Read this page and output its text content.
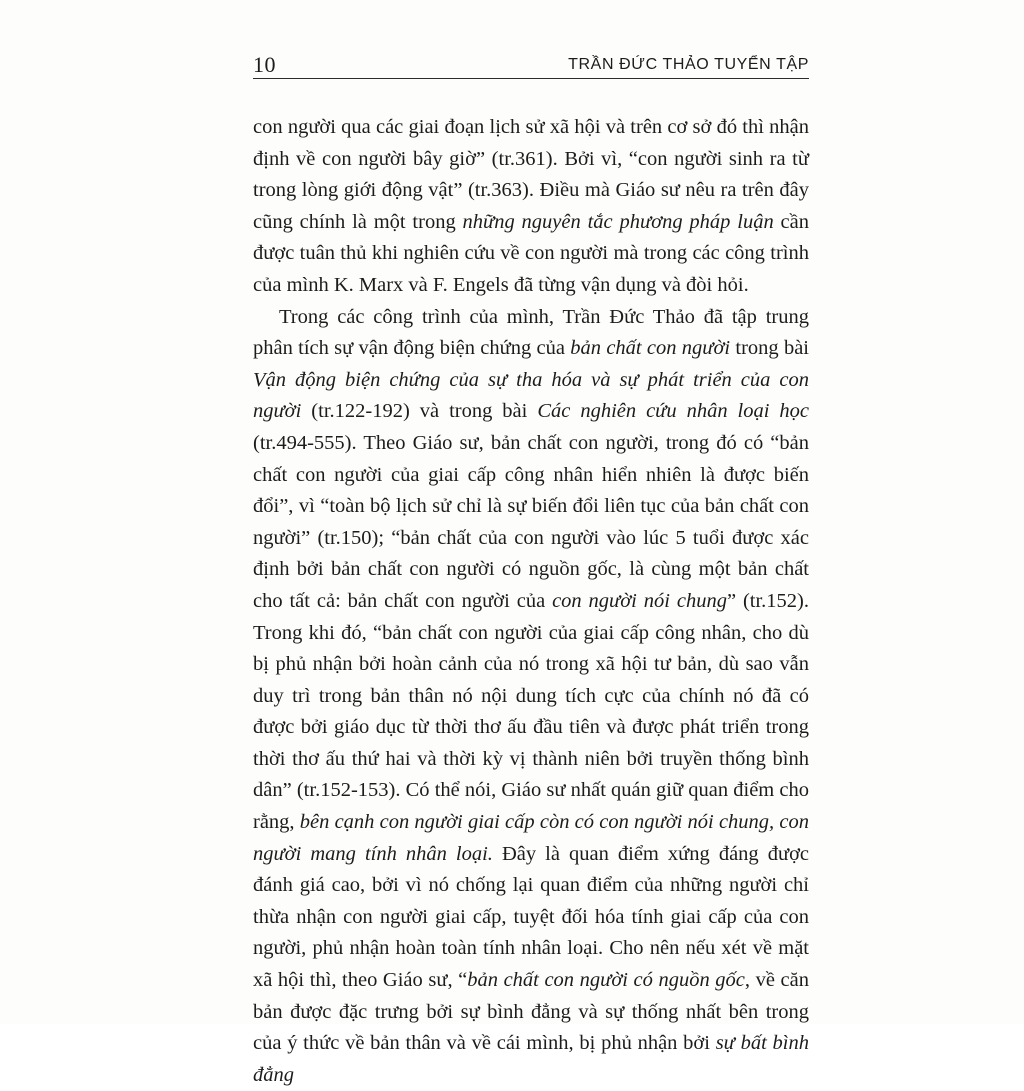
10	TRẦN ĐỨC THẢO TUYỂN TẬP

con người qua các giai đoạn lịch sử xã hội và trên cơ sở đó thì nhận định về con người bây giờ” (tr.361). Bởi vì, “con người sinh ra từ trong lòng giới động vật” (tr.363). Điều mà Giáo sư nêu ra trên đây cũng chính là một trong những nguyên tắc phương pháp luận cần được tuân thủ khi nghiên cứu về con người mà trong các công trình của mình K. Marx và F. Engels đã từng vận dụng và đòi hỏi.

Trong các công trình của mình, Trần Đức Thảo đã tập trung phân tích sự vận động biện chứng của bản chất con người trong bài Vận động biện chứng của sự tha hóa và sự phát triển của con người (tr.122-192) và trong bài Các nghiên cứu nhân loại học (tr.494-555). Theo Giáo sư, bản chất con người, trong đó có “bản chất con người của giai cấp công nhân hiển nhiên là được biến đổi”, vì “toàn bộ lịch sử chỉ là sự biến đổi liên tục của bản chất con người” (tr.150); “bản chất của con người vào lúc 5 tuổi được xác định bởi bản chất con người có nguồn gốc, là cùng một bản chất cho tất cả: bản chất con người của con người nói chung” (tr.152). Trong khi đó, “bản chất con người của giai cấp công nhân, cho dù bị phủ nhận bởi hoàn cảnh của nó trong xã hội tư bản, dù sao vẫn duy trì trong bản thân nó nội dung tích cực của chính nó đã có được bởi giáo dục từ thời thơ ấu đầu tiên và được phát triển trong thời thơ ấu thứ hai và thời kỳ vị thành niên bởi truyền thống bình dân” (tr.152-153). Có thể nói, Giáo sư nhất quán giữ quan điểm cho rằng, bên cạnh con người giai cấp còn có con người nói chung, con người mang tính nhân loại. Đây là quan điểm xứng đáng được đánh giá cao, bởi vì nó chống lại quan điểm của những người chỉ thừa nhận con người giai cấp, tuyệt đối hóa tính giai cấp của con người, phủ nhận hoàn toàn tính nhân loại. Cho nên nếu xét về mặt xã hội thì, theo Giáo sư, “bản chất con người có nguồn gốc, về căn bản được đặc trưng bởi sự bình đẳng và sự thống nhất bên trong của ý thức về bản thân và về cái mình, bị phủ nhận bởi sự bất bình đẳng
